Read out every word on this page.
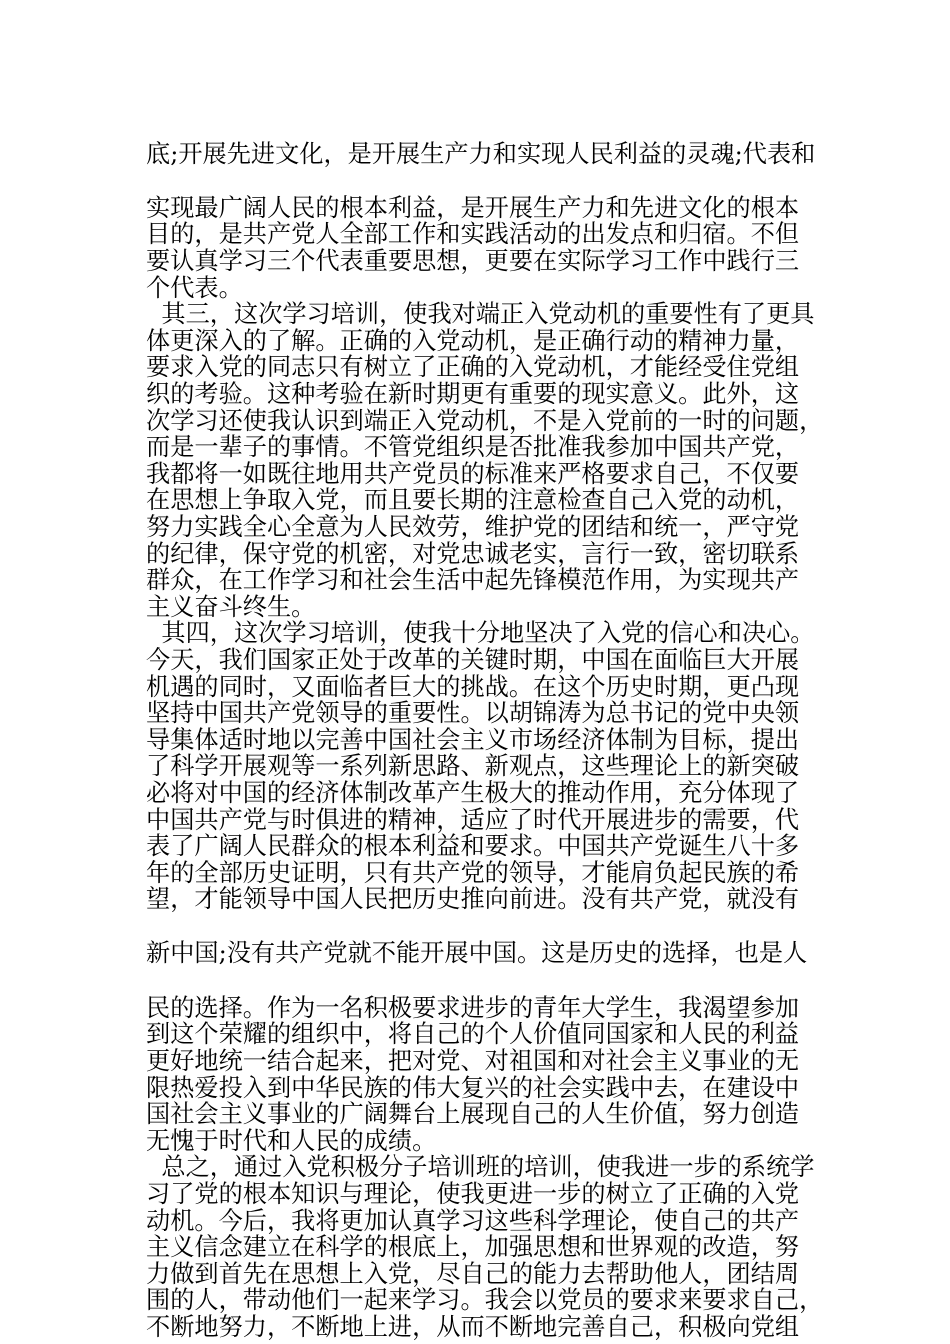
底;开展先进文化，是开展生产力和实现人民利益的灵魂;代表和

实现最广阔人民的根本利益，是开展生产力和先进文化的根本

目的，是共产党人全部工作和实践活动的出发点和归宿。不但

要认真学习三个代表重要思想，更要在实际学习工作中践行三

个代表。

其三，这次学习培训，使我对端正入党动机的重要性有了更具

体更深入的了解。正确的入党动机，是正确行动的精神力量，

要求入党的同志只有树立了正确的入党动机，才能经受住党组

织的考验。这种考验在新时期更有重要的现实意义。此外，这

次学习还使我认识到端正入党动机，不是入党前的一时的问题，

而是一辈子的事情。不管党组织是否批准我参加中国共产党，

我都将一如既往地用共产党员的标准来严格要求自己，不仅要

在思想上争取入党，而且要长期的注意检查自己入党的动机，

努力实践全心全意为人民效劳，维护党的团结和统一，严守党

的纪律，保守党的机密，对党忠诚老实，言行一致，密切联系

群众，在工作学习和社会生活中起先锋模范作用，为实现共产

主义奋斗终生。

其四，这次学习培训，使我十分地坚决了入党的信心和决心。

今天，我们国家正处于改革的关键时期，中国在面临巨大开展

机遇的同时，又面临者巨大的挑战。在这个历史时期，更凸现

坚持中国共产党领导的重要性。以胡锦涛为总书记的党中央领

导集体适时地以完善中国社会主义市场经济体制为目标，提出

了科学开展观等一系列新思路、新观点，这些理论上的新突破

必将对中国的经济体制改革产生极大的推动作用，充分体现了

中国共产党与时俱进的精神，适应了时代开展进步的需要，代

表了广阔人民群众的根本利益和要求。中国共产党诞生八十多

年的全部历史证明，只有共产党的领导，才能肩负起民族的希

望，才能领导中国人民把历史推向前进。没有共产党，就没有

新中国;没有共产党就不能开展中国。这是历史的选择，也是人

民的选择。作为一名积极要求进步的青年大学生，我渴望参加

到这个荣耀的组织中，将自己的个人价值同国家和人民的利益

更好地统一结合起来，把对党、对祖国和对社会主义事业的无

限热爱投入到中华民族的伟大复兴的社会实践中去，在建设中

国社会主义事业的广阔舞台上展现自己的人生价值，努力创造

无愧于时代和人民的成绩。

总之，通过入党积极分子培训班的培训，使我进一步的系统学

习了党的根本知识与理论，使我更进一步的树立了正确的入党

动机。今后，我将更加认真学习这些科学理论，使自己的共产

主义信念建立在科学的根底上，加强思想和世界观的改造，努

力做到首先在思想上入党，尽自己的能力去帮助他人，团结周

围的人，带动他们一起来学习。我会以党员的要求来要求自己，

不断地努力，不断地上进，从而不断地完善自己，积极向党组
